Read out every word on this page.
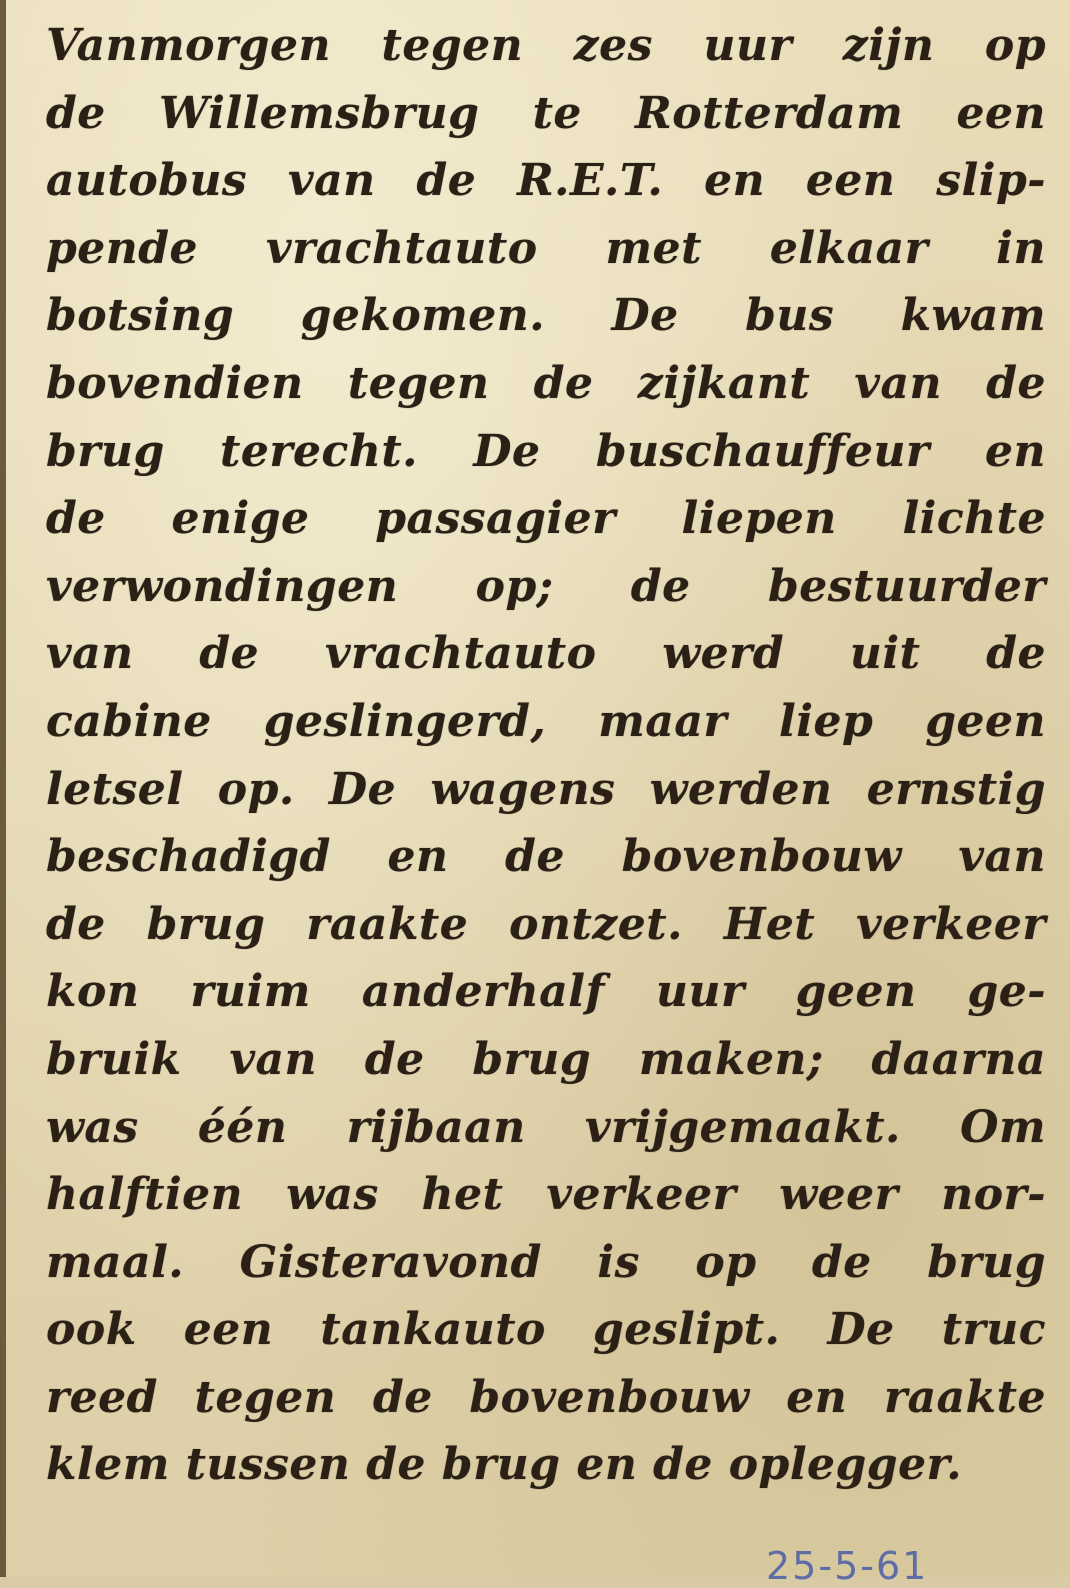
Vanmorgen tegen zes uur zijn op
de Willemsbrug te Rotterdam een
autobus van de R.E.T. en een slip-
pende vrachtauto met elkaar in
botsing gekomen. De bus kwam
bovendien tegen de zijkant van de
brug terecht. De buschauffeur en
de enige passagier liepen lichte
verwondingen op; de bestuurder
van de vrachtauto werd uit de
cabine geslingerd, maar liep geen
letsel op. De wagens werden ernstig
beschadigd en de bovenbouw van
de brug raakte ontzet. Het verkeer
kon ruim anderhalf uur geen ge-
bruik van de brug maken; daarna
was één rijbaan vrijgemaakt. Om
halftien was het verkeer weer nor-
maal. Gisteravond is op de brug
ook een tankauto geslipt. De truc
reed tegen de bovenbouw en raakte
klem tussen de brug en de oplegger.
25-5-61
